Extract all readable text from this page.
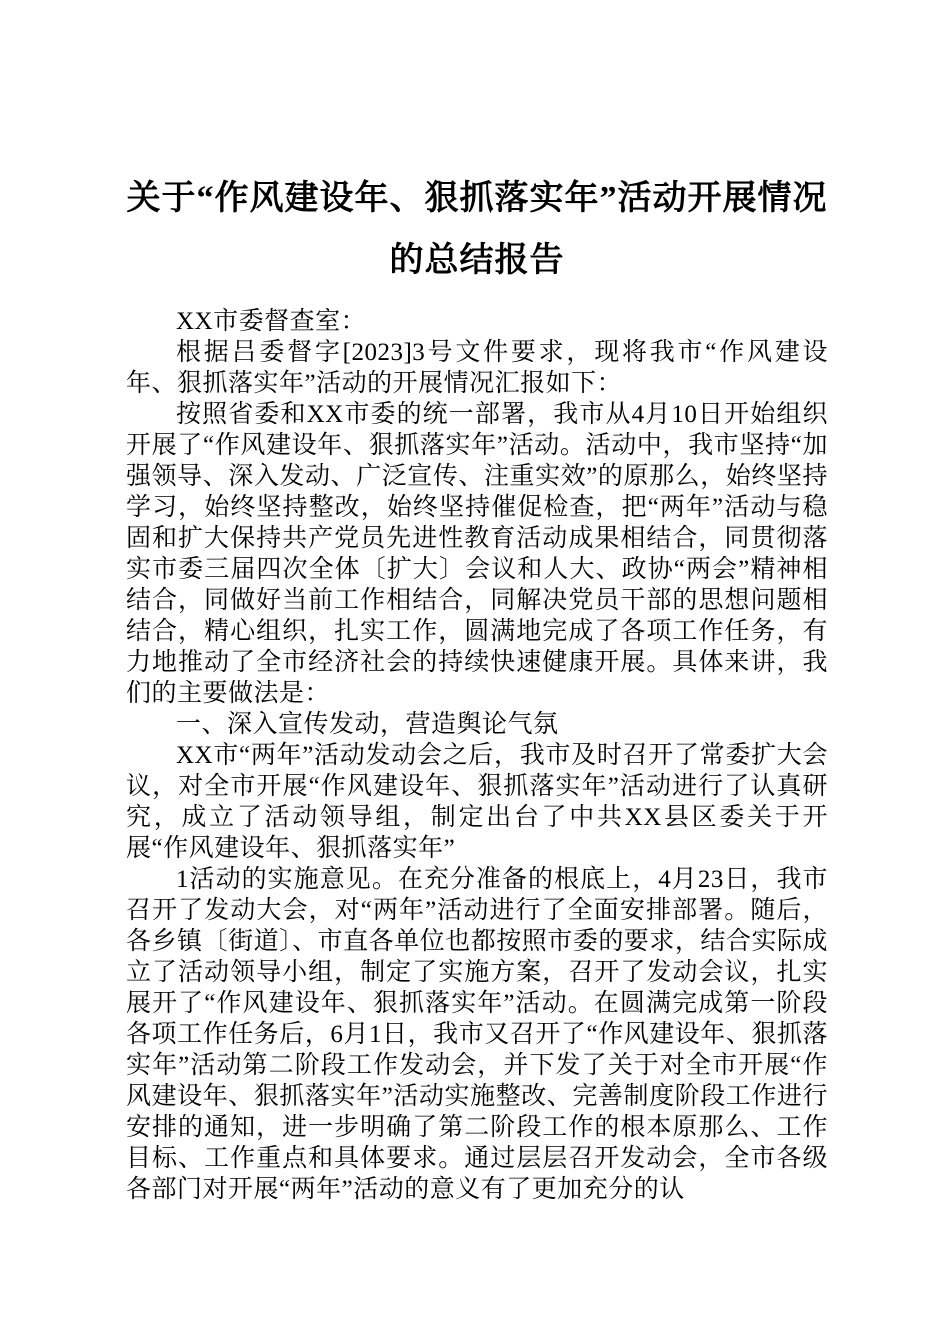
关于“作风建设年、狠抓落实年”活动开展情况的总结报告

XX市委督查室：

根据吕委督字[2023]3号文件要求，现将我市“作风建设年、狠抓落实年”活动的开展情况汇报如下：

按照省委和XX市委的统一部署，我市从4月10日开始组织开展了“作风建设年、狠抓落实年”活动。活动中，我市坚持“加强领导、深入发动、广泛宣传、注重实效”的原那么，始终坚持学习，始终坚持整改，始终坚持催促检查，把“两年”活动与稳固和扩大保持共产党员先进性教育活动成果相结合，同贯彻落实市委三届四次全体〔扩大〕会议和人大、政协“两会”精神相结合，同做好当前工作相结合，同解决党员干部的思想问题相结合，精心组织，扎实工作，圆满地完成了各项工作任务，有力地推动了全市经济社会的持续快速健康开展。具体来讲，我们的主要做法是：

一、深入宣传发动，营造舆论气氛

XX市“两年”活动发动会之后，我市及时召开了常委扩大会议，对全市开展“作风建设年、狠抓落实年”活动进行了认真研究，成立了活动领导组，制定出台了中共XX县区委关于开展“作风建设年、狠抓落实年”

1活动的实施意见。在充分准备的根底上，4月23日，我市召开了发动大会，对“两年”活动进行了全面安排部署。随后，各乡镇〔街道〕、市直各单位也都按照市委的要求，结合实际成立了活动领导小组，制定了实施方案，召开了发动会议，扎实展开了“作风建设年、狠抓落实年”活动。在圆满完成第一阶段各项工作任务后，6月1日，我市又召开了“作风建设年、狠抓落实年”活动第二阶段工作发动会，并下发了关于对全市开展“作风建设年、狠抓落实年”活动实施整改、完善制度阶段工作进行安排的通知，进一步明确了第二阶段工作的根本原那么、工作目标、工作重点和具体要求。通过层层召开发动会，全市各级各部门对开展“两年”活动的意义有了更加充分的认
